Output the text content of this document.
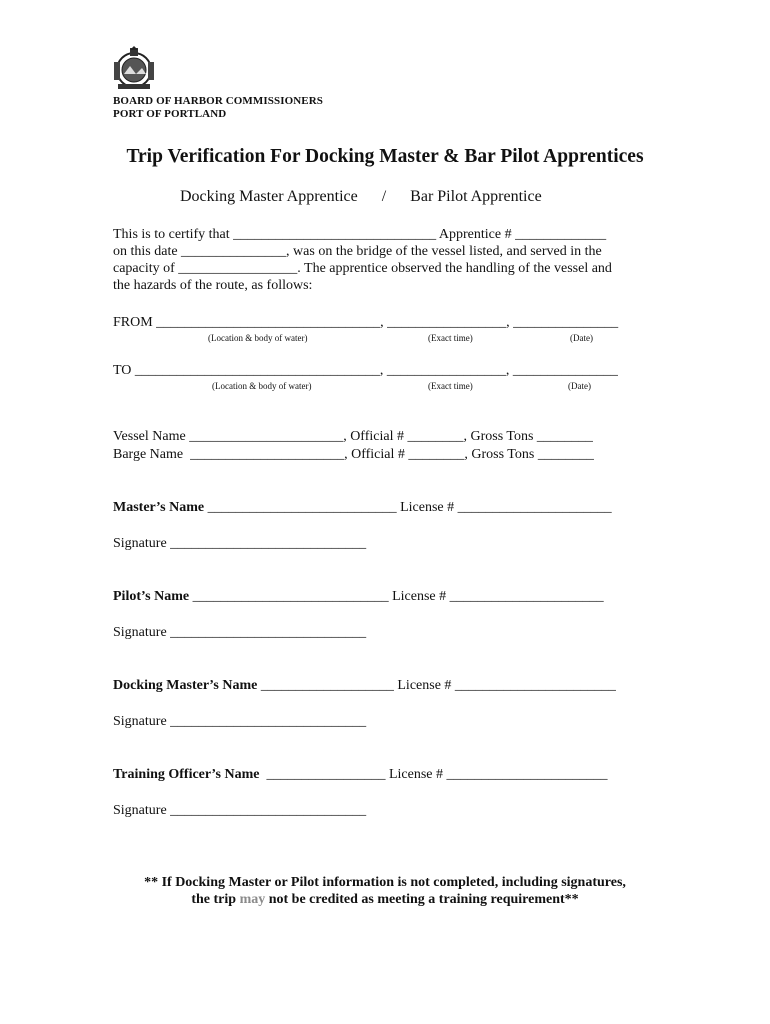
BOARD OF HARBOR COMMISSIONERS
PORT OF PORTLAND
Trip Verification For Docking Master & Bar Pilot Apprentices
Docking Master Apprentice      /      Bar Pilot Apprentice
This is to certify that _____________________________ Apprentice # _____________
on this date _______________, was on the bridge of the vessel listed, and served in the
capacity of _________________. The apprentice observed the handling of the vessel and
the hazards of the route, as follows:
FROM ________________________________, _________________, _______________
(Location & body of water)	(Exact time)	(Date)
TO ___________________________________, _________________, _______________
(Location & body of water)	(Exact time)	(Date)
Vessel Name ______________________, Official # ________, Gross Tons ________
Barge Name  ______________________, Official # ________, Gross Tons ________
Master’s Name ___________________________ License # ______________________
Signature ____________________________
Pilot’s Name ____________________________ License # ______________________
Signature ____________________________
Docking Master’s Name ___________________ License # _______________________
Signature ____________________________
Training Officer’s Name  _________________ License # _______________________
Signature ____________________________
** If Docking Master or Pilot information is not completed, including signatures,
the trip may not be credited as meeting a training requirement**
